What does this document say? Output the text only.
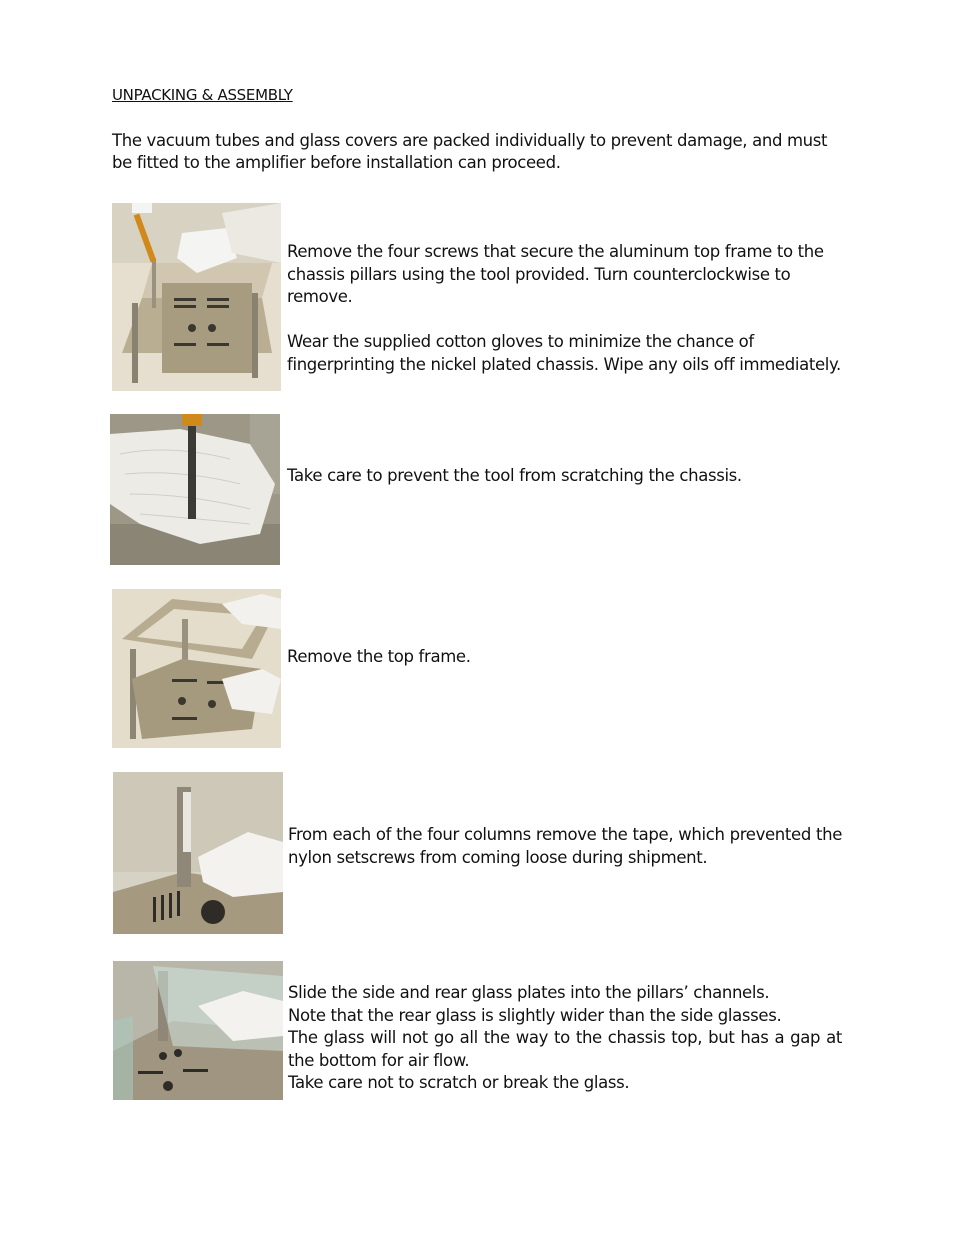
UNPACKING & ASSEMBLY
The vacuum tubes and glass covers are packed individually to prevent damage, and must be fitted to the amplifier before installation can proceed.

Remove the four screws that secure the aluminum top frame to the chassis pillars using the tool provided. Turn counterclockwise to remove.

Wear the supplied cotton gloves to minimize the chance of fingerprinting the nickel plated chassis. Wipe any oils off immediately.

Take care to prevent the tool from scratching the chassis.

Remove the top frame.

From each of the four columns remove the tape, which prevented the nylon setscrews from coming loose during shipment.

Slide the side and rear glass plates into the pillars’ channels.
Note that the rear glass is slightly wider than the side glasses.
The glass will not go all the way to the chassis top, but has a gap at the bottom for air flow.
Take care not to scratch or break the glass.
